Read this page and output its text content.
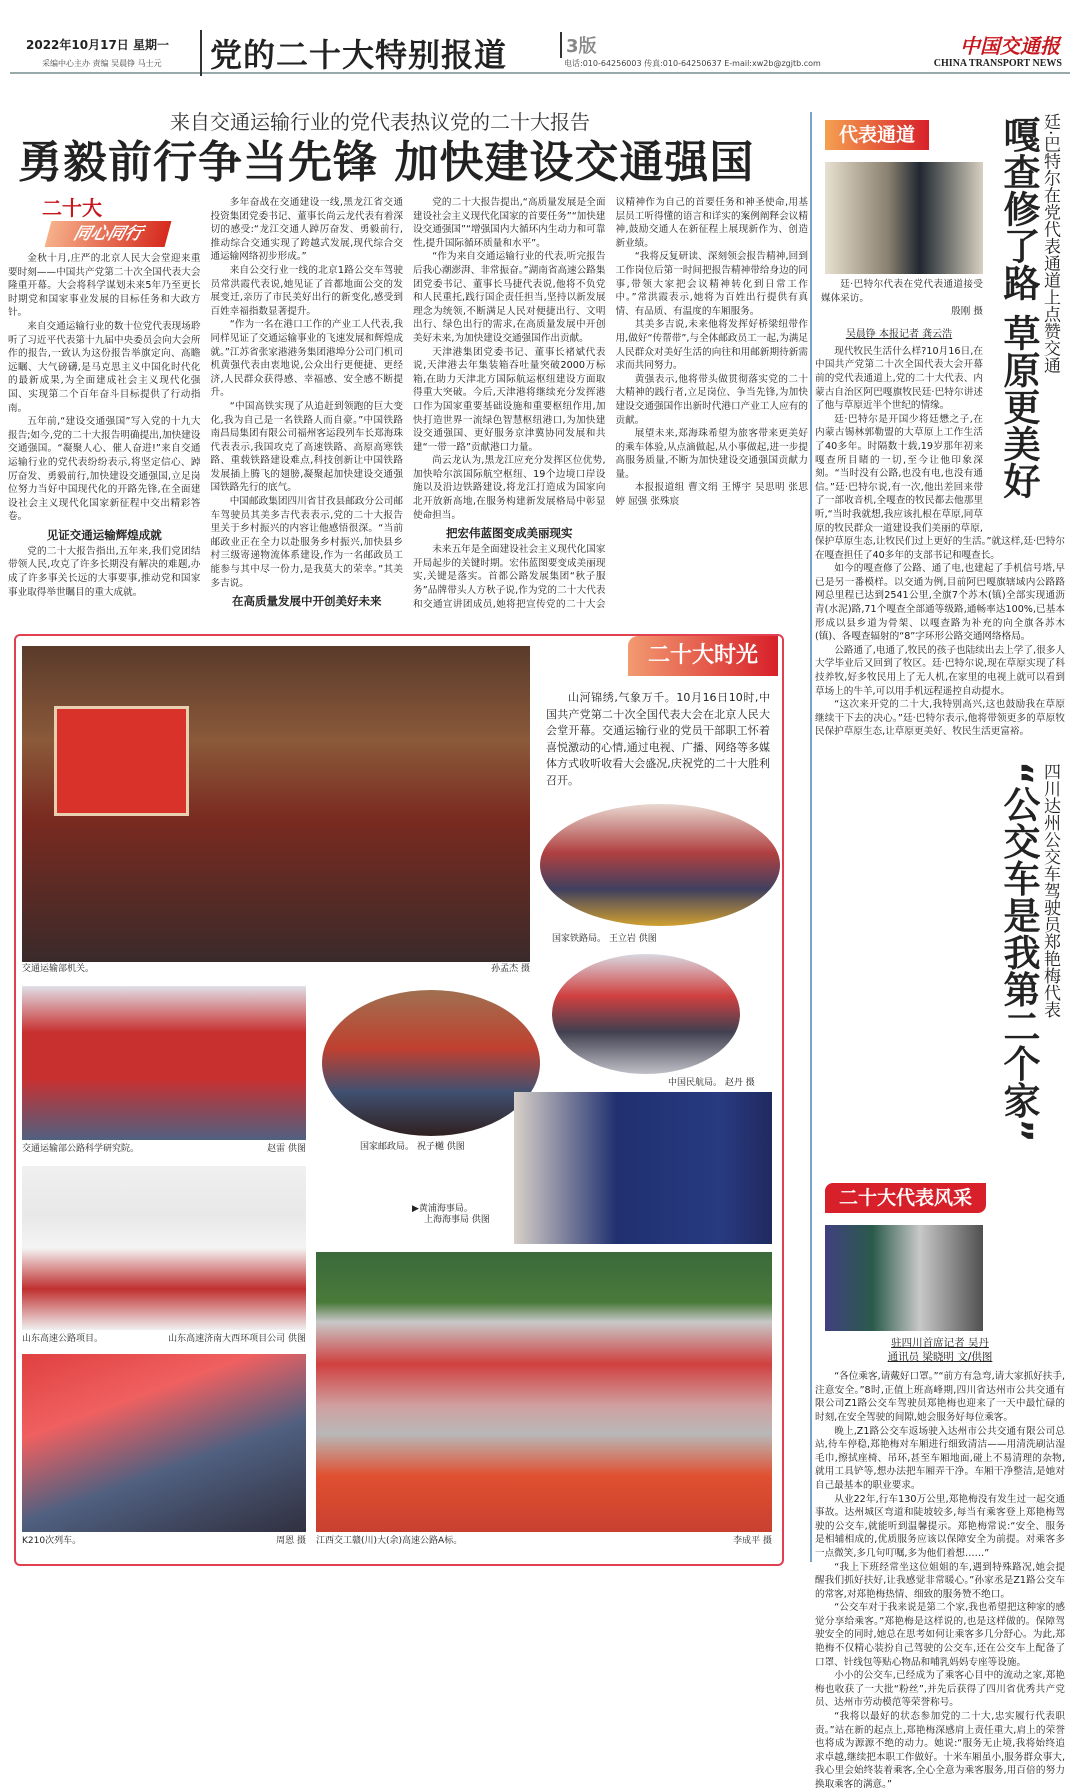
2022年10月17日 星期一
采编中心主办 责编 吴晨铮 马士元	党的二十大特别报道	3版
电话:010-64256003 传真:010-64250637 E-mail:xw2b@zgjtb.com
中国交通报
CHINA TRANSPORT NEWS
来自交通运输行业的党代表热议党的二十大报告
勇毅前行争当先锋 加快建设交通强国
二十大
同心同行

金秋十月,庄严的北京人民大会堂迎来重要时刻——中国共产党第二十次全国代表大会隆重开幕。大会将科学谋划未来5年乃至更长时期党和国家事业发展的目标任务和大政方针。

来自交通运输行业的数十位党代表现场聆听了习近平代表第十九届中央委员会向大会所作的报告,一致认为这份报告举旗定向、高瞻远瞩、大气磅礴,是马克思主义中国化时代化的最新成果,为全面建成社会主义现代化强国、实现第二个百年奋斗目标提供了行动指南。

五年前,“建设交通强国”写入党的十九大报告;如今,党的二十大报告明确提出,加快建设交通强国。“凝聚人心、催人奋进!”来自交通运输行业的党代表纷纷表示,将坚定信心、踔厉奋发、勇毅前行,加快建设交通强国,立足岗位努力当好中国现代化的开路先锋,在全面建设社会主义现代化国家新征程中交出精彩答卷。

见证交通运输辉煌成就

党的二十大报告指出,五年来,我们党团结带领人民,攻克了许多长期没有解决的难题,办成了许多事关长远的大事要事,推动党和国家事业取得举世瞩目的重大成就。

多年奋战在交通建设一线,黑龙江省交通投资集团党委书记、董事长尚云龙代表有着深切的感受:“龙江交通人踔厉奋发、勇毅前行,推动综合交通实现了跨越式发展,现代综合交通运输网络初步形成。”

来自公交行业一线的北京1路公交车驾驶员常洪霞代表说,她见证了首都地面公交的发展变迁,亲历了市民美好出行的新变化,感受到百姓幸福指数显著提升。

“作为一名在港口工作的产业工人代表,我同样见证了交通运输事业的飞速发展和辉煌成就。”江苏省张家港港务集团港埠分公司门机司机黄强代表由衷地说,公众出行更便捷、更经济,人民群众获得感、幸福感、安全感不断提升。

“中国高铁实现了从追赶到领跑的巨大变化,我为自己是一名铁路人而自豪。”中国铁路南昌局集团有限公司福州客运段列车长郑海珠代表表示,我国攻克了高速铁路、高原高寒铁路、重载铁路建设难点,科技创新让中国铁路发展插上腾飞的翅膀,凝聚起加快建设交通强国铁路先行的底气。

中国邮政集团四川省甘孜县邮政分公司邮车驾驶员其美多吉代表表示,党的二十大报告里关于乡村振兴的内容让他感悟很深。“当前邮政业正在全力以赴服务乡村振兴,加快县乡村三级寄递物流体系建设,作为一名邮政员工能参与其中尽一份力,是我莫大的荣幸。”其美多吉说。

在高质量发展中开创美好未来

党的二十大报告提出,“高质量发展是全面建设社会主义现代化国家的首要任务”“加快建设交通强国”“增强国内大循环内生动力和可靠性,提升国际循环质量和水平”。

“作为来自交通运输行业的代表,听完报告后我心潮澎湃、非常振奋。”湖南省高速公路集团党委书记、董事长马捷代表说,他将不负党和人民重托,践行国企责任担当,坚持以新发展理念为统领,不断满足人民对便捷出行、文明出行、绿色出行的需求,在高质量发展中开创美好未来,为加快建设交通强国作出贡献。

天津港集团党委书记、董事长褚斌代表说,天津港去年集装箱吞吐量突破2000万标箱,在助力天津北方国际航运枢纽建设方面取得重大突破。今后,天津港将继续充分发挥港口作为国家重要基础设施和重要枢纽作用,加快打造世界一流绿色智慧枢纽港口,为加快建设交通强国、更好服务京津冀协同发展和共建“一带一路”贡献港口力量。

尚云龙认为,黑龙江应充分发挥区位优势,加快哈尔滨国际航空枢纽、19个边境口岸设施以及沿边铁路建设,将龙江打造成为国家向北开放新高地,在服务构建新发展格局中彰显使命担当。

把宏伟蓝图变成美丽现实

未来五年是全面建设社会主义现代化国家开局起步的关键时期。宏伟蓝图要变成美丽现实,关键是落实。首都公路发展集团“秋子服务”品牌带头人方秋子说,作为党的二十大代表和交通宣讲团成员,她将把宣传党的二十大会议精神作为自己的首要任务和神圣使命,用基层员工听得懂的语言和详实的案例阐释会议精神,鼓励交通人在新征程上展现新作为、创造新业绩。

“我将反复研读、深刻领会报告精神,回到工作岗位后第一时间把报告精神带给身边的同事,带领大家把会议精神转化到日常工作中。”常洪霞表示,她将为百姓出行提供有真情、有品质、有温度的车厢服务。

其美多吉说,未来他将发挥好桥梁纽带作用,做好“传帮带”,与全体邮政员工一起,为满足人民群众对美好生活的向往和用邮新期待新需求而共同努力。

黄强表示,他将带头做贯彻落实党的二十大精神的践行者,立足岗位、争当先锋,为加快建设交通强国作出新时代港口产业工人应有的贡献。

展望未来,郑海珠希望为旅客带来更美好的乘车体验,从点滴做起,从小事做起,进一步提高服务质量,不断为加快建设交通强国贡献力量。

本报报道组 曹文绢 王博宇 吴思明 张思婷 屈强 张殊宸

二十大时光
山河锦绣,气象万千。10月16日10时,中国共产党第二十次全国代表大会在北京人民大会堂开幕。交通运输行业的党员干部职工怀着喜悦激动的心情,通过电视、广播、网络等多媒体方式收听收看大会盛况,庆祝党的二十大胜利召开。
交通运输部机关。	孙孟杰 摄
国家铁路局。 王立岩 供图
交通运输部公路科学研究院。	赵雷 供图	国家邮政局。 祝子樾 供图
中国民航局。 赵丹 摄
▶黄浦海事局。
上海海事局 供图
山东高速公路项目。	山东高速济南大西环项目公司 供图
K210次列车。	周恩 摄 江西交工赣(川)大(余)高速公路A标。	李成平 摄
嘎查修了路 草原更美好 廷·巴特尔在党代表通道上点赞交通
代表通道

廷·巴特尔代表在党代表通道接受媒体采访。

殷刚 摄
吴晨铮 本报记者 龚云浩

现代牧民生活什么样?10月16日,在中国共产党第二十次全国代表大会开幕前的党代表通道上,党的二十大代表、内蒙古自治区阿巴嘎旗牧民廷·巴特尔讲述了他与草原近半个世纪的情缘。

廷·巴特尔是开国少将廷懋之子,在内蒙古锡林郭勒盟的大草原上工作生活了40多年。时隔数十载,19岁那年初来嘎查所目睹的一切,至今让他印象深刻。“当时没有公路,也没有电,也没有通信。”廷·巴特尔说,有一次,他出差回来带了一部收音机,全嘎查的牧民都去他那里听,“当时我就想,我应该扎根在草原,同草原的牧民群众一道建设我们美丽的草原,保护草原生态,让牧民们过上更好的生活。”就这样,廷·巴特尔在嘎查担任了40多年的支部书记和嘎查长。

如今的嘎查修了公路、通了电,也建起了手机信号塔,早已是另一番模样。以交通为例,目前阿巴嘎旗辖域内公路路网总里程已达到2541公里,全旗7个苏木(镇)全部实现通沥青(水泥)路,71个嘎查全部通等级路,通畅率达100%,已基本形成以县乡道为骨架、以嘎查路为补充的向全旗各苏木(镇)、各嘎查辐射的“8”字环形公路交通网络格局。

公路通了,电通了,牧民的孩子也陆续出去上学了,很多人大学毕业后又回到了牧区。廷·巴特尔说,现在草原实现了科技养牧,好多牧民用上了无人机,在家里的电视上就可以看到草场上的牛羊,可以用手机远程遥控自动提水。

“这次来开党的二十大,我特别高兴,这也鼓励我在草原继续干下去的决心。”廷·巴特尔表示,他将带领更多的草原牧民保护草原生态,让草原更美好、牧民生活更富裕。

“公交车是我第二个家” 四川达州公交车驾驶员郑艳梅代表
二十大代表风采
驻四川首席记者 吴丹
通讯员 梁晓明 文/供图

“各位乘客,请戴好口罩。”“前方有急弯,请大家抓好扶手,注意安全。”8时,正值上班高峰期,四川省达州市公共交通有限公司Z1路公交车驾驶员郑艳梅也迎来了一天中最忙碌的时刻,在安全驾驶的间隙,她会服务好每位乘客。

晚上,Z1路公交车返场驶入达州市公共交通有限公司总站,待车停稳,郑艳梅对车厢进行细致清洁——用清洗刷沾湿毛巾,擦拭座椅、吊环,甚至车厢地面,碰上不易清理的杂物,就用工具铲等,想办法把车厢弄干净。车厢干净整洁,是她对自己最基本的职业要求。

从业22年,行车130万公里,郑艳梅没有发生过一起交通事故。达州城区弯道和陡坡较多,每当有乘客登上郑艳梅驾驶的公交车,就能听到温馨提示。郑艳梅常说:“安全、服务是相辅相成的,优质服务应该以保障安全为前提。对乘客多一点微笑,多几句叮嘱,多为他们着想……”

“我上下班经常坐这位姐姐的车,遇到特殊路况,她会提醒我们抓好扶好,让我感觉非常暖心。”孙家丞是Z1路公交车的常客,对郑艳梅热情、细致的服务赞不绝口。

“公交车对于我来说是第二个家,我也希望把这种家的感觉分享给乘客。”郑艳梅是这样说的,也是这样做的。保障驾驶安全的同时,她总在思考如何让乘客多几分舒心。为此,郑艳梅不仅精心装扮自己驾驶的公交车,还在公交车上配备了口罩、针线包等贴心物品和哺乳妈妈专座等设施。

小小的公交车,已经成为了乘客心目中的流动之家,郑艳梅也收获了一大批“粉丝”,并先后获得了四川省优秀共产党员、达州市劳动模范等荣誉称号。

“我将以最好的状态参加党的二十大,忠实履行代表职责。”站在新的起点上,郑艳梅深感肩上责任重大,肩上的荣誉也将成为源源不绝的动力。她说:“服务无止境,我将始终追求卓越,继续把本职工作做好。十米车厢虽小,服务群众事大,我心里会始终装着乘客,全心全意为乘客服务,用百倍的努力换取乘客的满意。”
